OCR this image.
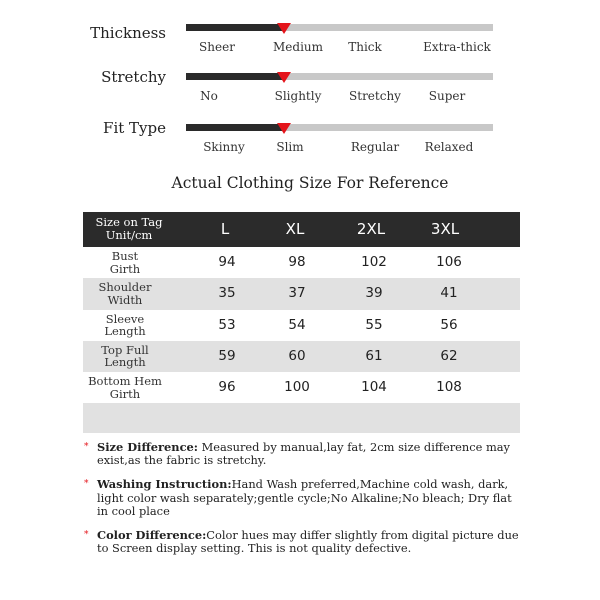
Thickness
Sheer	Medium Thick	Extra-thick
Stretchy
No	Slightly Stretchy Super
Fit Type
Skinny	Slim	Regular Relaxed
Actual Clothing Size For Reference
Size on Tag
Unit/cm	L	XL	2XL	3XL
Bust
Girth	94	98	102	106
Shoulder
Width	35	37	39	41
Sleeve
Length	53	54	55	56
Top Full
Length	59	60	61	62
Bottom Hem
Girth	96	100	104	108
* Size Difference: Measured by manual,lay fat, 2cm size difference may exist,as the fabric is stretchy.
* Washing Instruction:Hand Wash preferred,Machine cold wash, dark, light color wash separately;gentle cycle;No Alkaline;No bleach; Dry flat in cool place
* Color Difference:Color hues may differ slightly from digital picture due to Screen display setting. This is not quality defective.
